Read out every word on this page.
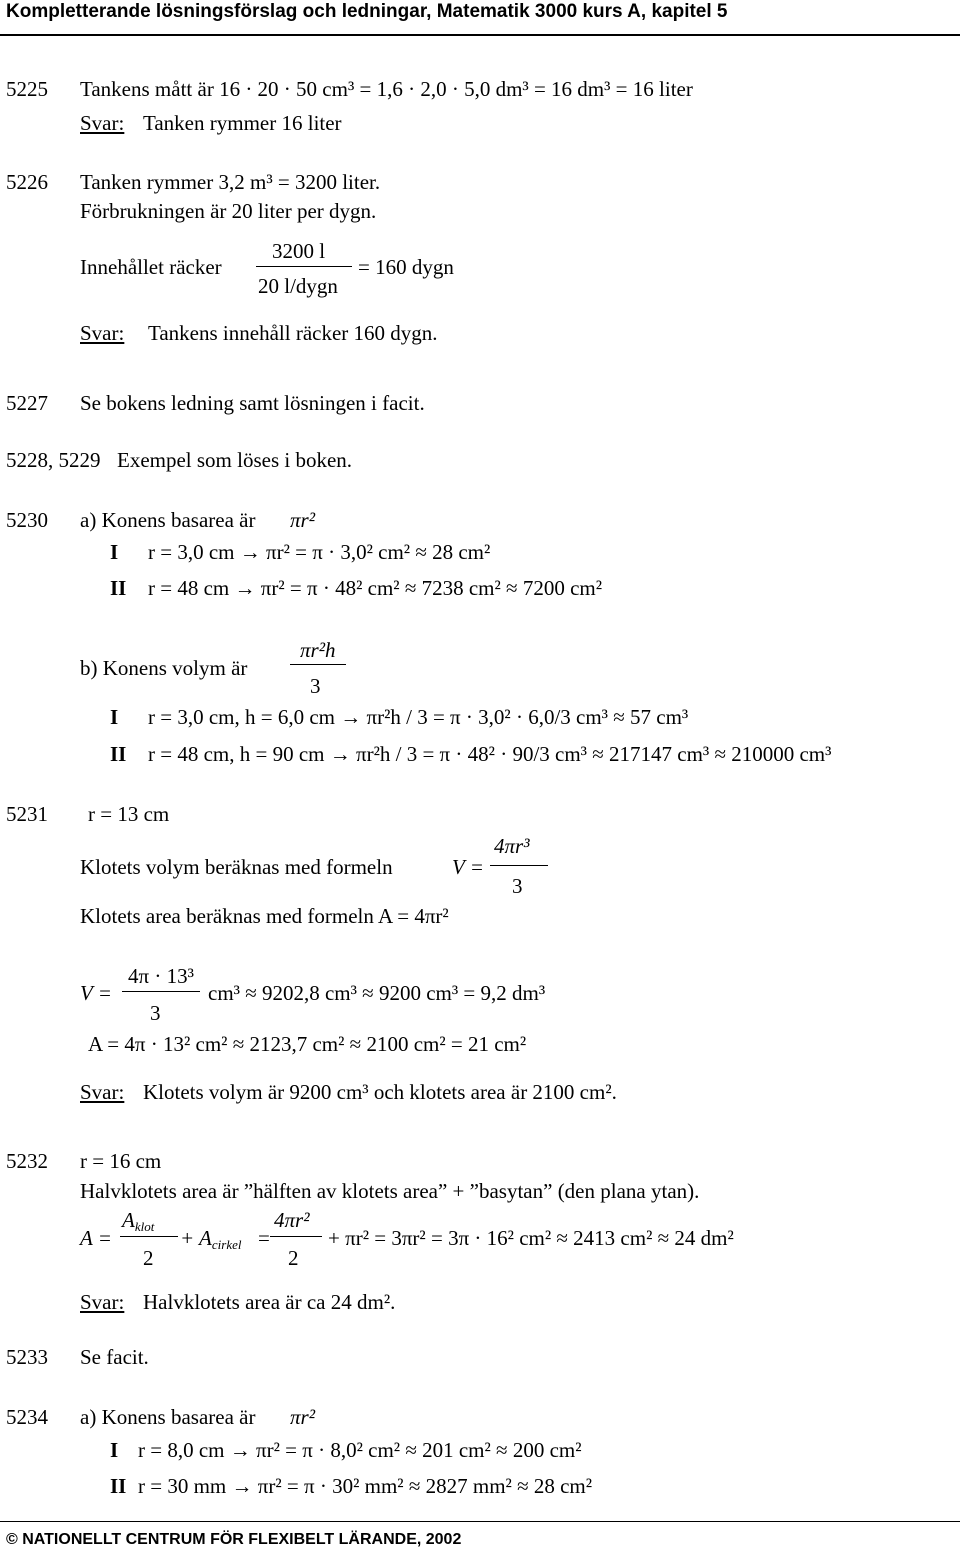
Kompletterande lösningsförslag och ledningar, Matematik 3000 kurs A, kapitel 5
5225 Tankens mått är 16 · 20 · 50 cm³ = 1,6 · 2,0 · 5,0 dm³ = 16 dm³ = 16 liter
Svar: Tanken rymmer 16 liter
5226 Tanken rymmer 3,2 m³ = 3200 liter.
Förbrukningen är 20 liter per dygn.
Innehållet räcker
3200 l
20 l/dygn
= 160 dygn
Svar: Tankens innehåll räcker 160 dygn.
5227 Se bokens ledning samt lösningen i facit.
5228, 5229 Exempel som löses i boken.
5230 a) Konens basarea är πr²
I r = 3,0 cm → πr² = π · 3,0² cm² ≈ 28 cm²
II r = 48 cm → πr² = π · 48² cm² ≈ 7238 cm² ≈ 7200 cm²
b) Konens volym är
πr²h
3
I r = 3,0 cm, h = 6,0 cm → πr²h / 3 = π · 3,0² · 6,0/3 cm³ ≈ 57 cm³
II r = 48 cm, h = 90 cm → πr²h / 3 = π · 48² · 90/3 cm³ ≈ 217147 cm³ ≈ 210000 cm³
5231 r = 13 cm
Klotets volym beräknas med formeln	V =
4πr³
3
Klotets area beräknas med formeln A = 4πr²
V =
4π · 13³
3
cm³ ≈ 9202,8 cm³ ≈ 9200 cm³ = 9,2 dm³
A = 4π · 13² cm² ≈ 2123,7 cm² ≈ 2100 cm² = 21 cm²
Svar: Klotets volym är 9200 cm³ och klotets area är 2100 cm².
5232 r = 16 cm
Halvklotets area är ”hälften av klotets area” + ”basytan” (den plana ytan).
A =
$A_{klot}$
2
+ $A_{cirkel}$ =
4πr²
2
+ πr² = 3πr² = 3π · 16² cm² ≈ 2413 cm² ≈ 24 dm²
Svar: Halvklotets area är ca 24 dm².
5233 Se facit.
5234 a) Konens basarea är πr²
I r = 8,0 cm → πr² = π · 8,0² cm² ≈ 201 cm² ≈ 200 cm²
II r = 30 mm → πr² = π · 30² mm² ≈ 2827 mm² ≈ 28 cm²
© NATIONELLT CENTRUM FÖR FLEXIBELT LÄRANDE, 2002
